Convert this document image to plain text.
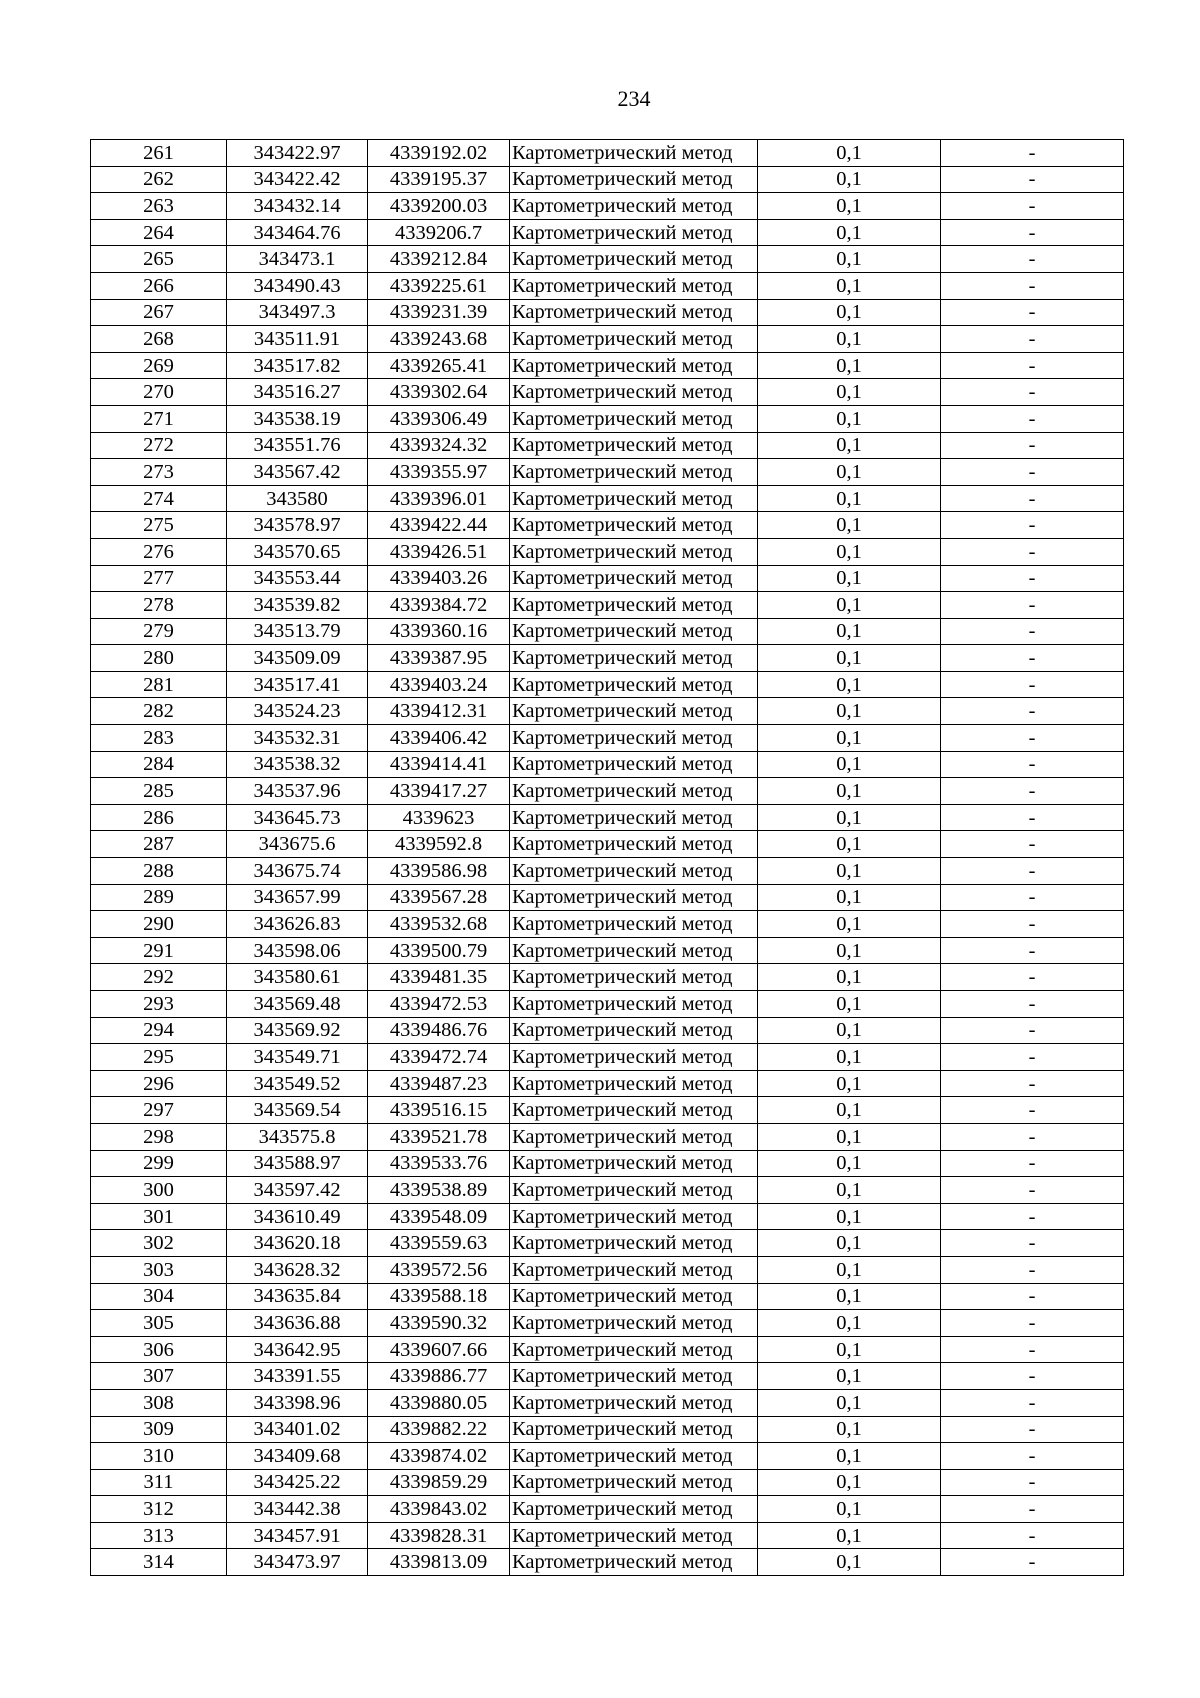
234
261	343422.97	4339192.02	Картометрический метод	0,1	-
262	343422.42	4339195.37	Картометрический метод	0,1	-
263	343432.14	4339200.03	Картометрический метод	0,1	-
264	343464.76	4339206.7	Картометрический метод	0,1	-
265	343473.1	4339212.84	Картометрический метод	0,1	-
266	343490.43	4339225.61	Картометрический метод	0,1	-
267	343497.3	4339231.39	Картометрический метод	0,1	-
268	343511.91	4339243.68	Картометрический метод	0,1	-
269	343517.82	4339265.41	Картометрический метод	0,1	-
270	343516.27	4339302.64	Картометрический метод	0,1	-
271	343538.19	4339306.49	Картометрический метод	0,1	-
272	343551.76	4339324.32	Картометрический метод	0,1	-
273	343567.42	4339355.97	Картометрический метод	0,1	-
274	343580	4339396.01	Картометрический метод	0,1	-
275	343578.97	4339422.44	Картометрический метод	0,1	-
276	343570.65	4339426.51	Картометрический метод	0,1	-
277	343553.44	4339403.26	Картометрический метод	0,1	-
278	343539.82	4339384.72	Картометрический метод	0,1	-
279	343513.79	4339360.16	Картометрический метод	0,1	-
280	343509.09	4339387.95	Картометрический метод	0,1	-
281	343517.41	4339403.24	Картометрический метод	0,1	-
282	343524.23	4339412.31	Картометрический метод	0,1	-
283	343532.31	4339406.42	Картометрический метод	0,1	-
284	343538.32	4339414.41	Картометрический метод	0,1	-
285	343537.96	4339417.27	Картометрический метод	0,1	-
286	343645.73	4339623	Картометрический метод	0,1	-
287	343675.6	4339592.8	Картометрический метод	0,1	-
288	343675.74	4339586.98	Картометрический метод	0,1	-
289	343657.99	4339567.28	Картометрический метод	0,1	-
290	343626.83	4339532.68	Картометрический метод	0,1	-
291	343598.06	4339500.79	Картометрический метод	0,1	-
292	343580.61	4339481.35	Картометрический метод	0,1	-
293	343569.48	4339472.53	Картометрический метод	0,1	-
294	343569.92	4339486.76	Картометрический метод	0,1	-
295	343549.71	4339472.74	Картометрический метод	0,1	-
296	343549.52	4339487.23	Картометрический метод	0,1	-
297	343569.54	4339516.15	Картометрический метод	0,1	-
298	343575.8	4339521.78	Картометрический метод	0,1	-
299	343588.97	4339533.76	Картометрический метод	0,1	-
300	343597.42	4339538.89	Картометрический метод	0,1	-
301	343610.49	4339548.09	Картометрический метод	0,1	-
302	343620.18	4339559.63	Картометрический метод	0,1	-
303	343628.32	4339572.56	Картометрический метод	0,1	-
304	343635.84	4339588.18	Картометрический метод	0,1	-
305	343636.88	4339590.32	Картометрический метод	0,1	-
306	343642.95	4339607.66	Картометрический метод	0,1	-
307	343391.55	4339886.77	Картометрический метод	0,1	-
308	343398.96	4339880.05	Картометрический метод	0,1	-
309	343401.02	4339882.22	Картометрический метод	0,1	-
310	343409.68	4339874.02	Картометрический метод	0,1	-
311	343425.22	4339859.29	Картометрический метод	0,1	-
312	343442.38	4339843.02	Картометрический метод	0,1	-
313	343457.91	4339828.31	Картометрический метод	0,1	-
314	343473.97	4339813.09	Картометрический метод	0,1	-
